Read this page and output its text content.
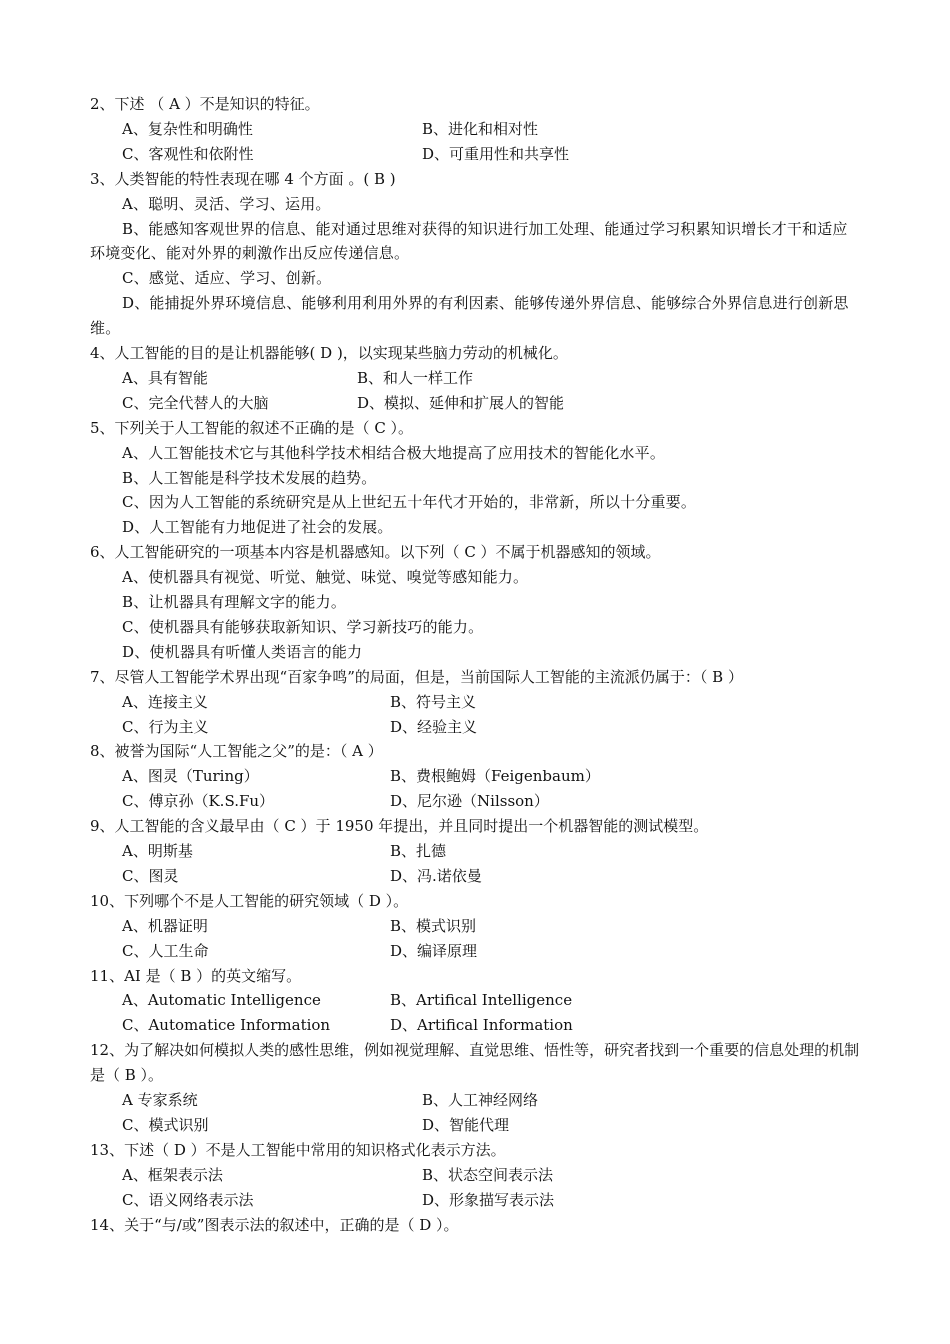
2、下述 （ A ）不是知识的特征。
A、复杂性和明确性	B、进化和相对性
C、客观性和依附性	D、可重用性和共享性
3、人类智能的特性表现在哪 4 个方面 。( B )
A、聪明、灵活、学习、运用。
B、能感知客观世界的信息、能对通过思维对获得的知识进行加工处理、能通过学习积累知识增长才干和适应环境变化、能对外界的刺激作出反应传递信息。
C、感觉、适应、学习、创新。
D、能捕捉外界环境信息、能够利用利用外界的有利因素、能够传递外界信息、能够综合外界信息进行创新思维。
4、人工智能的目的是让机器能够( D )，以实现某些脑力劳动的机械化。
A、具有智能	B、和人一样工作
C、完全代替人的大脑	D、模拟、延伸和扩展人的智能
5、下列关于人工智能的叙述不正确的是（ C ）。
A、人工智能技术它与其他科学技术相结合极大地提高了应用技术的智能化水平。
B、人工智能是科学技术发展的趋势。
C、因为人工智能的系统研究是从上世纪五十年代才开始的，非常新，所以十分重要。
D、人工智能有力地促进了社会的发展。
6、人工智能研究的一项基本内容是机器感知。以下列（ C ）不属于机器感知的领域。
A、使机器具有视觉、听觉、触觉、味觉、嗅觉等感知能力。
B、让机器具有理解文字的能力。
C、使机器具有能够获取新知识、学习新技巧的能力。
D、使机器具有听懂人类语言的能力
7、尽管人工智能学术界出现“百家争鸣”的局面，但是，当前国际人工智能的主流派仍属于：（ B ）
A、连接主义	B、符号主义
C、行为主义	D、经验主义
8、被誉为国际“人工智能之父”的是：（ A ）
A、图灵（Turing）	B、费根鲍姆（Feigenbaum）
C、傅京孙（K.S.Fu）	D、尼尔逊（Nilsson）
9、人工智能的含义最早由（ C ）于 1950 年提出，并且同时提出一个机器智能的测试模型。
A、明斯基	B、扎德
C、图灵	D、冯.诺依曼
10、下列哪个不是人工智能的研究领域（ D ）。
A、机器证明	B、模式识别
C、人工生命	D、编译原理
11、AI 是（ B ）的英文缩写。
A、Automatic Intelligence	B、Artifical Intelligence
C、Automatice Information	D、Artifical Information
12、为了解决如何模拟人类的感性思维，例如视觉理解、直觉思维、悟性等，研究者找到一个重要的信息处理的机制是（ B ）。
A 专家系统	B、人工神经网络
C、模式识别	D、智能代理
13、下述（ D ）不是人工智能中常用的知识格式化表示方法。
A、框架表示法	B、状态空间表示法
C、语义网络表示法	D、形象描写表示法
14、关于“与/或”图表示法的叙述中，正确的是（ D ）。
